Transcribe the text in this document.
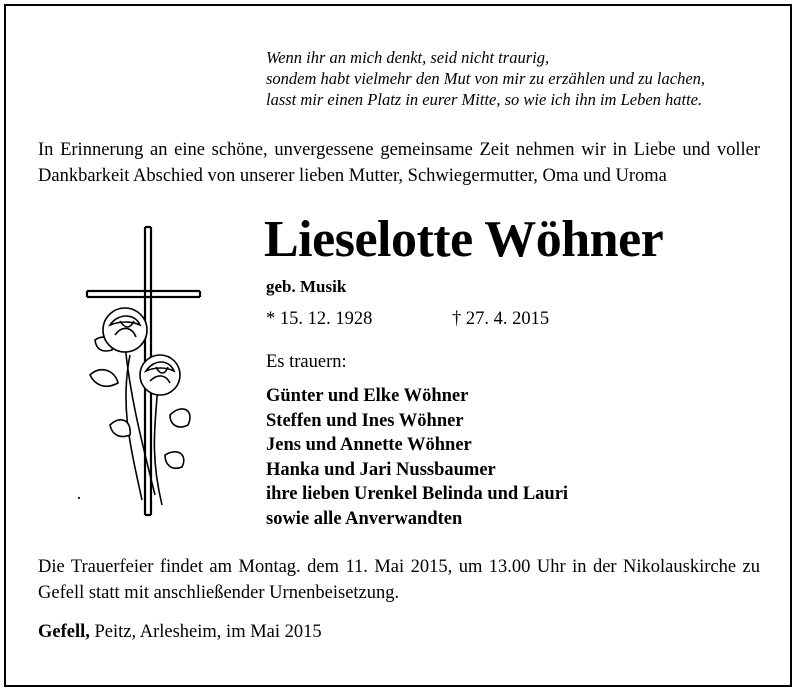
Wenn ihr an mich denkt, seid nicht traurig,
sondem habt vielmehr den Mut von mir zu erzählen und zu lachen,
lasst mir einen Platz in eurer Mitte, so wie ich ihn im Leben hatte.
In Erinnerung an eine schöne, unvergessene gemeinsame Zeit nehmen wir in Liebe und voller Dankbarkeit Abschied von unserer lieben Mutter, Schwiegermutter, Oma und Uroma
Lieselotte Wöhner
geb. Musik
* 15. 12. 1928	† 27. 4. 2015
Es trauern:
Günter und Elke Wöhner
Steffen und Ines Wöhner
Jens und Annette Wöhner
Hanka und Jari Nussbaumer
ihre lieben Urenkel Belinda und Lauri
sowie alle Anverwandten
Die Trauerfeier findet am Montag. dem 11. Mai 2015, um 13.00 Uhr in der Nikolauskirche zu Gefell statt mit anschließender Urnenbeisetzung.
Gefell, Peitz, Arlesheim, im Mai 2015
